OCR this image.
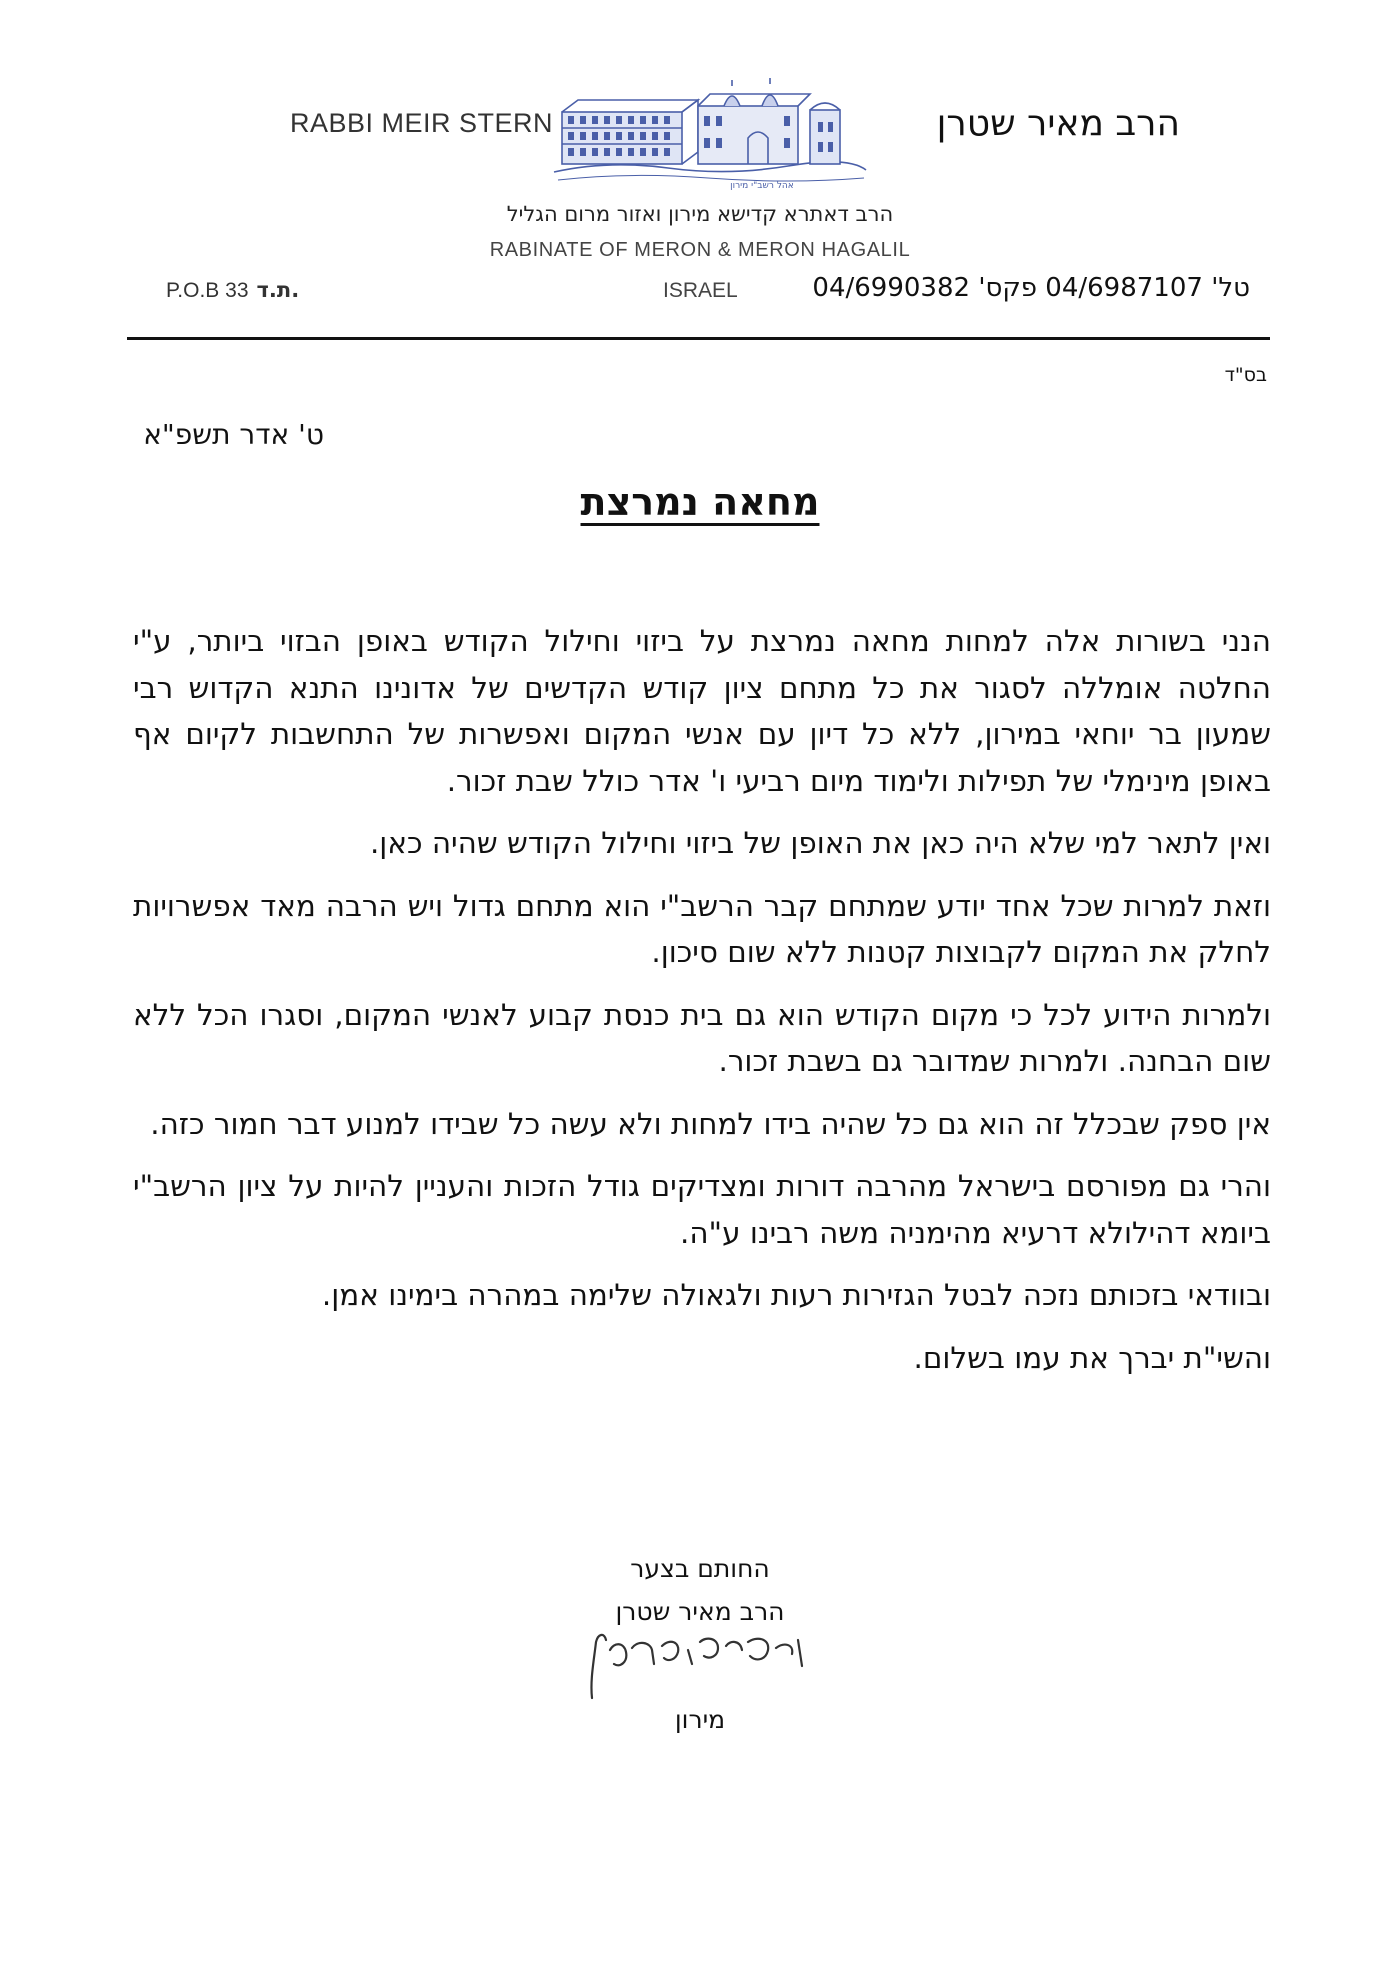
RABBI MEIR STERN
אהל רשב"י מירון
הרב מאיר שטרן
הרב דאתרא קדישא מירון ואזור מרום הגליל
RABINATE OF MERON & MERON HAGALIL
P.O.B 33 ת.ד.	ISRAEL	טל' 04/6987107 פקס' 04/6990382
בס"ד
ט' אדר תשפ"א
מחאה נמרצת

הנני בשורות אלה למחות מחאה נמרצת על ביזוי וחילול הקודש באופן הבזוי ביותר, ע"י החלטה אומללה לסגור את כל מתחם ציון קודש הקדשים של אדונינו התנא הקדוש רבי שמעון בר יוחאי במירון, ללא כל דיון עם אנשי המקום ואפשרות של התחשבות לקיום אף באופן מינימלי של תפילות ולימוד מיום רביעי ו' אדר כולל שבת זכור.

ואין לתאר למי שלא היה כאן את האופן של ביזוי וחילול הקודש שהיה כאן.

וזאת למרות שכל אחד יודע שמתחם קבר הרשב"י הוא מתחם גדול ויש הרבה מאד אפשרויות לחלק את המקום לקבוצות קטנות ללא שום סיכון.

ולמרות הידוע לכל כי מקום הקודש הוא גם בית כנסת קבוע לאנשי המקום, וסגרו הכל ללא שום הבחנה. ולמרות שמדובר גם בשבת זכור.

אין ספק שבכלל זה הוא גם כל שהיה בידו למחות ולא עשה כל שבידו למנוע דבר חמור כזה.

והרי גם מפורסם בישראל מהרבה דורות ומצדיקים גודל הזכות והעניין להיות על ציון הרשב"י ביומא דהילולא דרעיא מהימניה משה רבינו ע"ה.

ובוודאי בזכותם נזכה לבטל הגזירות רעות ולגאולה שלימה במהרה בימינו אמן.

והשי"ת יברך את עמו בשלום.

החותם בצער
הרב מאיר שטרן
מירון
